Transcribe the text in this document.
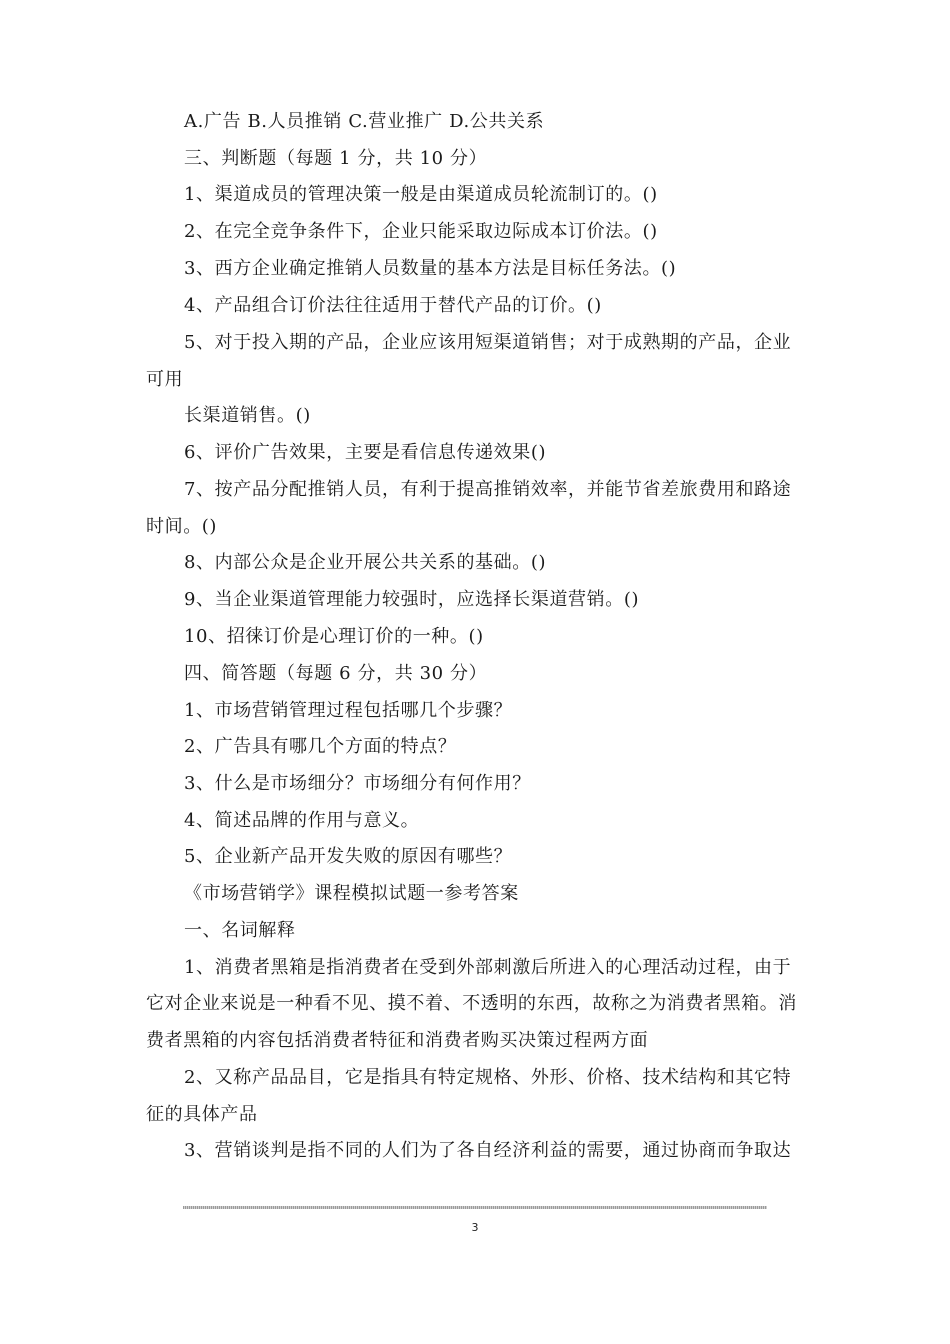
A.广告 B.人员推销 C.营业推广 D.公共关系
三、判断题（每题 1 分，共 10 分）
1、渠道成员的管理决策一般是由渠道成员轮流制订的。()
2、在完全竞争条件下，企业只能采取边际成本订价法。()
3、西方企业确定推销人员数量的基本方法是目标任务法。()
4、产品组合订价法往往适用于替代产品的订价。()
5、对于投入期的产品，企业应该用短渠道销售；对于成熟期的产品，企业
可用
长渠道销售。()
6、评价广告效果，主要是看信息传递效果()
7、按产品分配推销人员，有利于提高推销效率，并能节省差旅费用和路途
时间。()
8、内部公众是企业开展公共关系的基础。()
9、当企业渠道管理能力较强时，应选择长渠道营销。()
10、招徕订价是心理订价的一种。()
四、简答题（每题 6 分，共 30 分）
1、市场营销管理过程包括哪几个步骤？
2、广告具有哪几个方面的特点？
3、什么是市场细分？市场细分有何作用？
4、简述品牌的作用与意义。
5、企业新产品开发失败的原因有哪些？
《市场营销学》课程模拟试题一参考答案
一、名词解释
1、消费者黑箱是指消费者在受到外部刺激后所进入的心理活动过程，由于
它对企业来说是一种看不见、摸不着、不透明的东西，故称之为消费者黑箱。消
费者黑箱的内容包括消费者特征和消费者购买决策过程两方面
2、又称产品品目，它是指具有特定规格、外形、价格、技术结构和其它特
征的具体产品
3、营销谈判是指不同的人们为了各自经济利益的需要，通过协商而争取达
3
